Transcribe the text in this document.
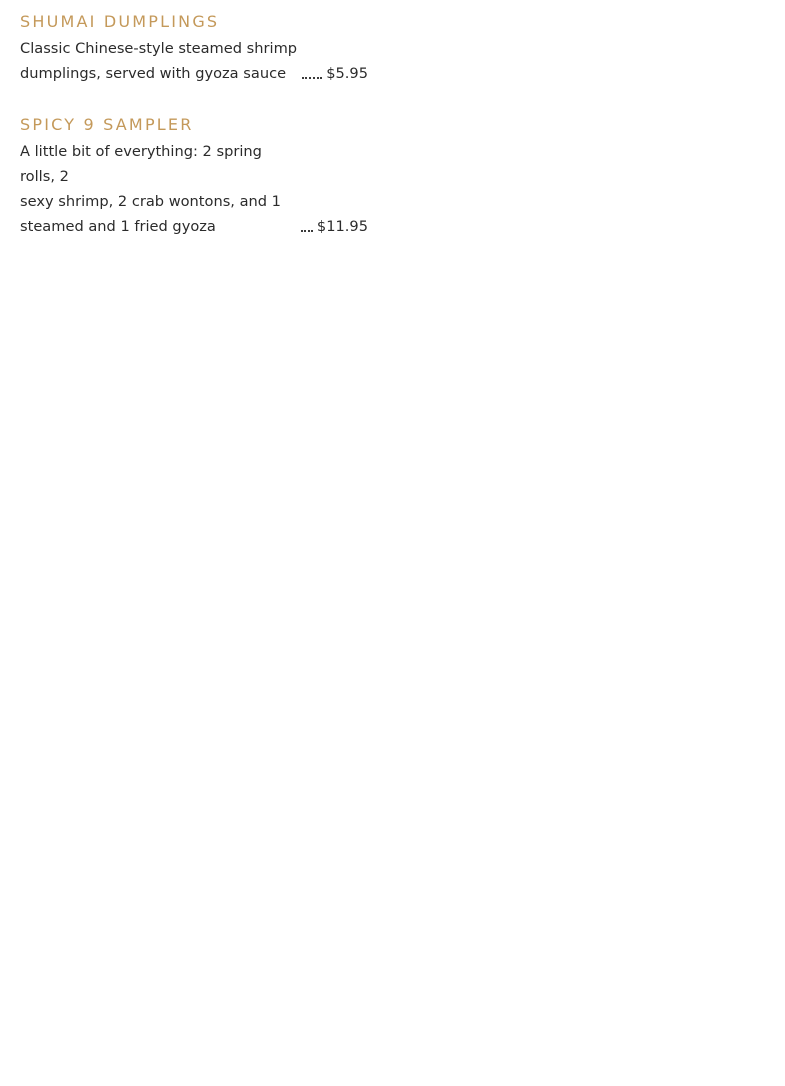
SHUMAI DUMPLINGS
Classic Chinese-style steamed shrimp
dumplings, served with gyoza sauce	$5.95
SPICY 9 SAMPLER
A little bit of everything: 2 spring rolls, 2
sexy shrimp, 2 crab wontons, and 1
steamed and 1 fried gyoza	$11.95
